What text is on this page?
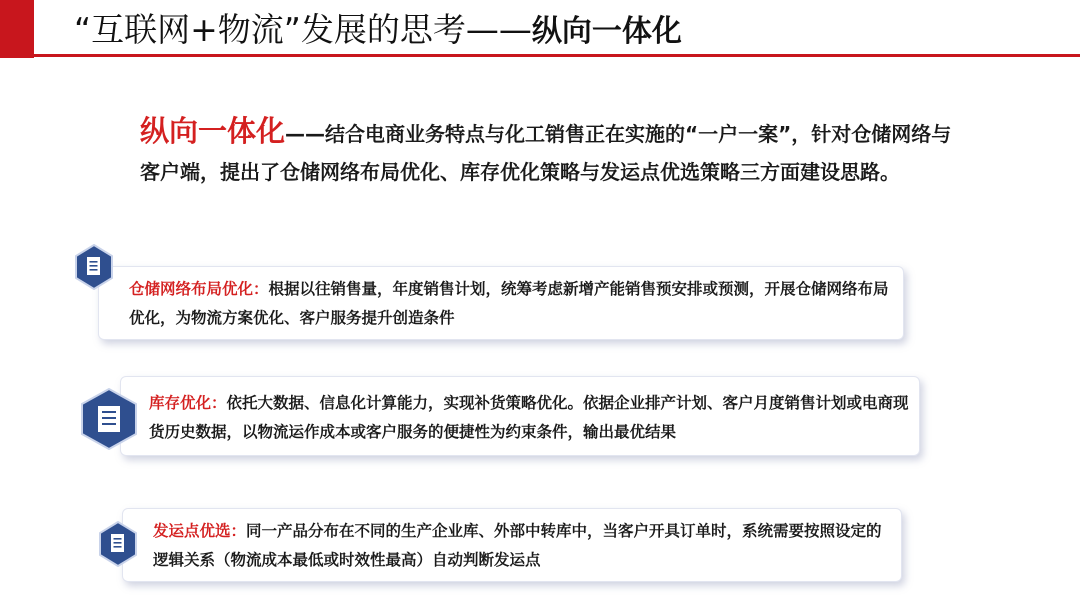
“互联网+物流”发展的思考——纵向一体化
纵向一体化——结合电商业务特点与化工销售正在实施的“一户一案”，针对仓储网络与客户端，提出了仓储网络布局优化、库存优化策略与发运点优选策略三方面建设思路。
仓储网络布局优化：根据以往销售量，年度销售计划，统筹考虑新增产能销售预安排或预测，开展仓储网络布局优化，为物流方案优化、客户服务提升创造条件
库存优化：依托大数据、信息化计算能力，实现补货策略优化。依据企业排产计划、客户月度销售计划或电商现货历史数据，以物流运作成本或客户服务的便捷性为约束条件，输出最优结果
发运点优选：同一产品分布在不同的生产企业库、外部中转库中，当客户开具订单时，系统需要按照设定的逻辑关系（物流成本最低或时效性最高）自动判断发运点
